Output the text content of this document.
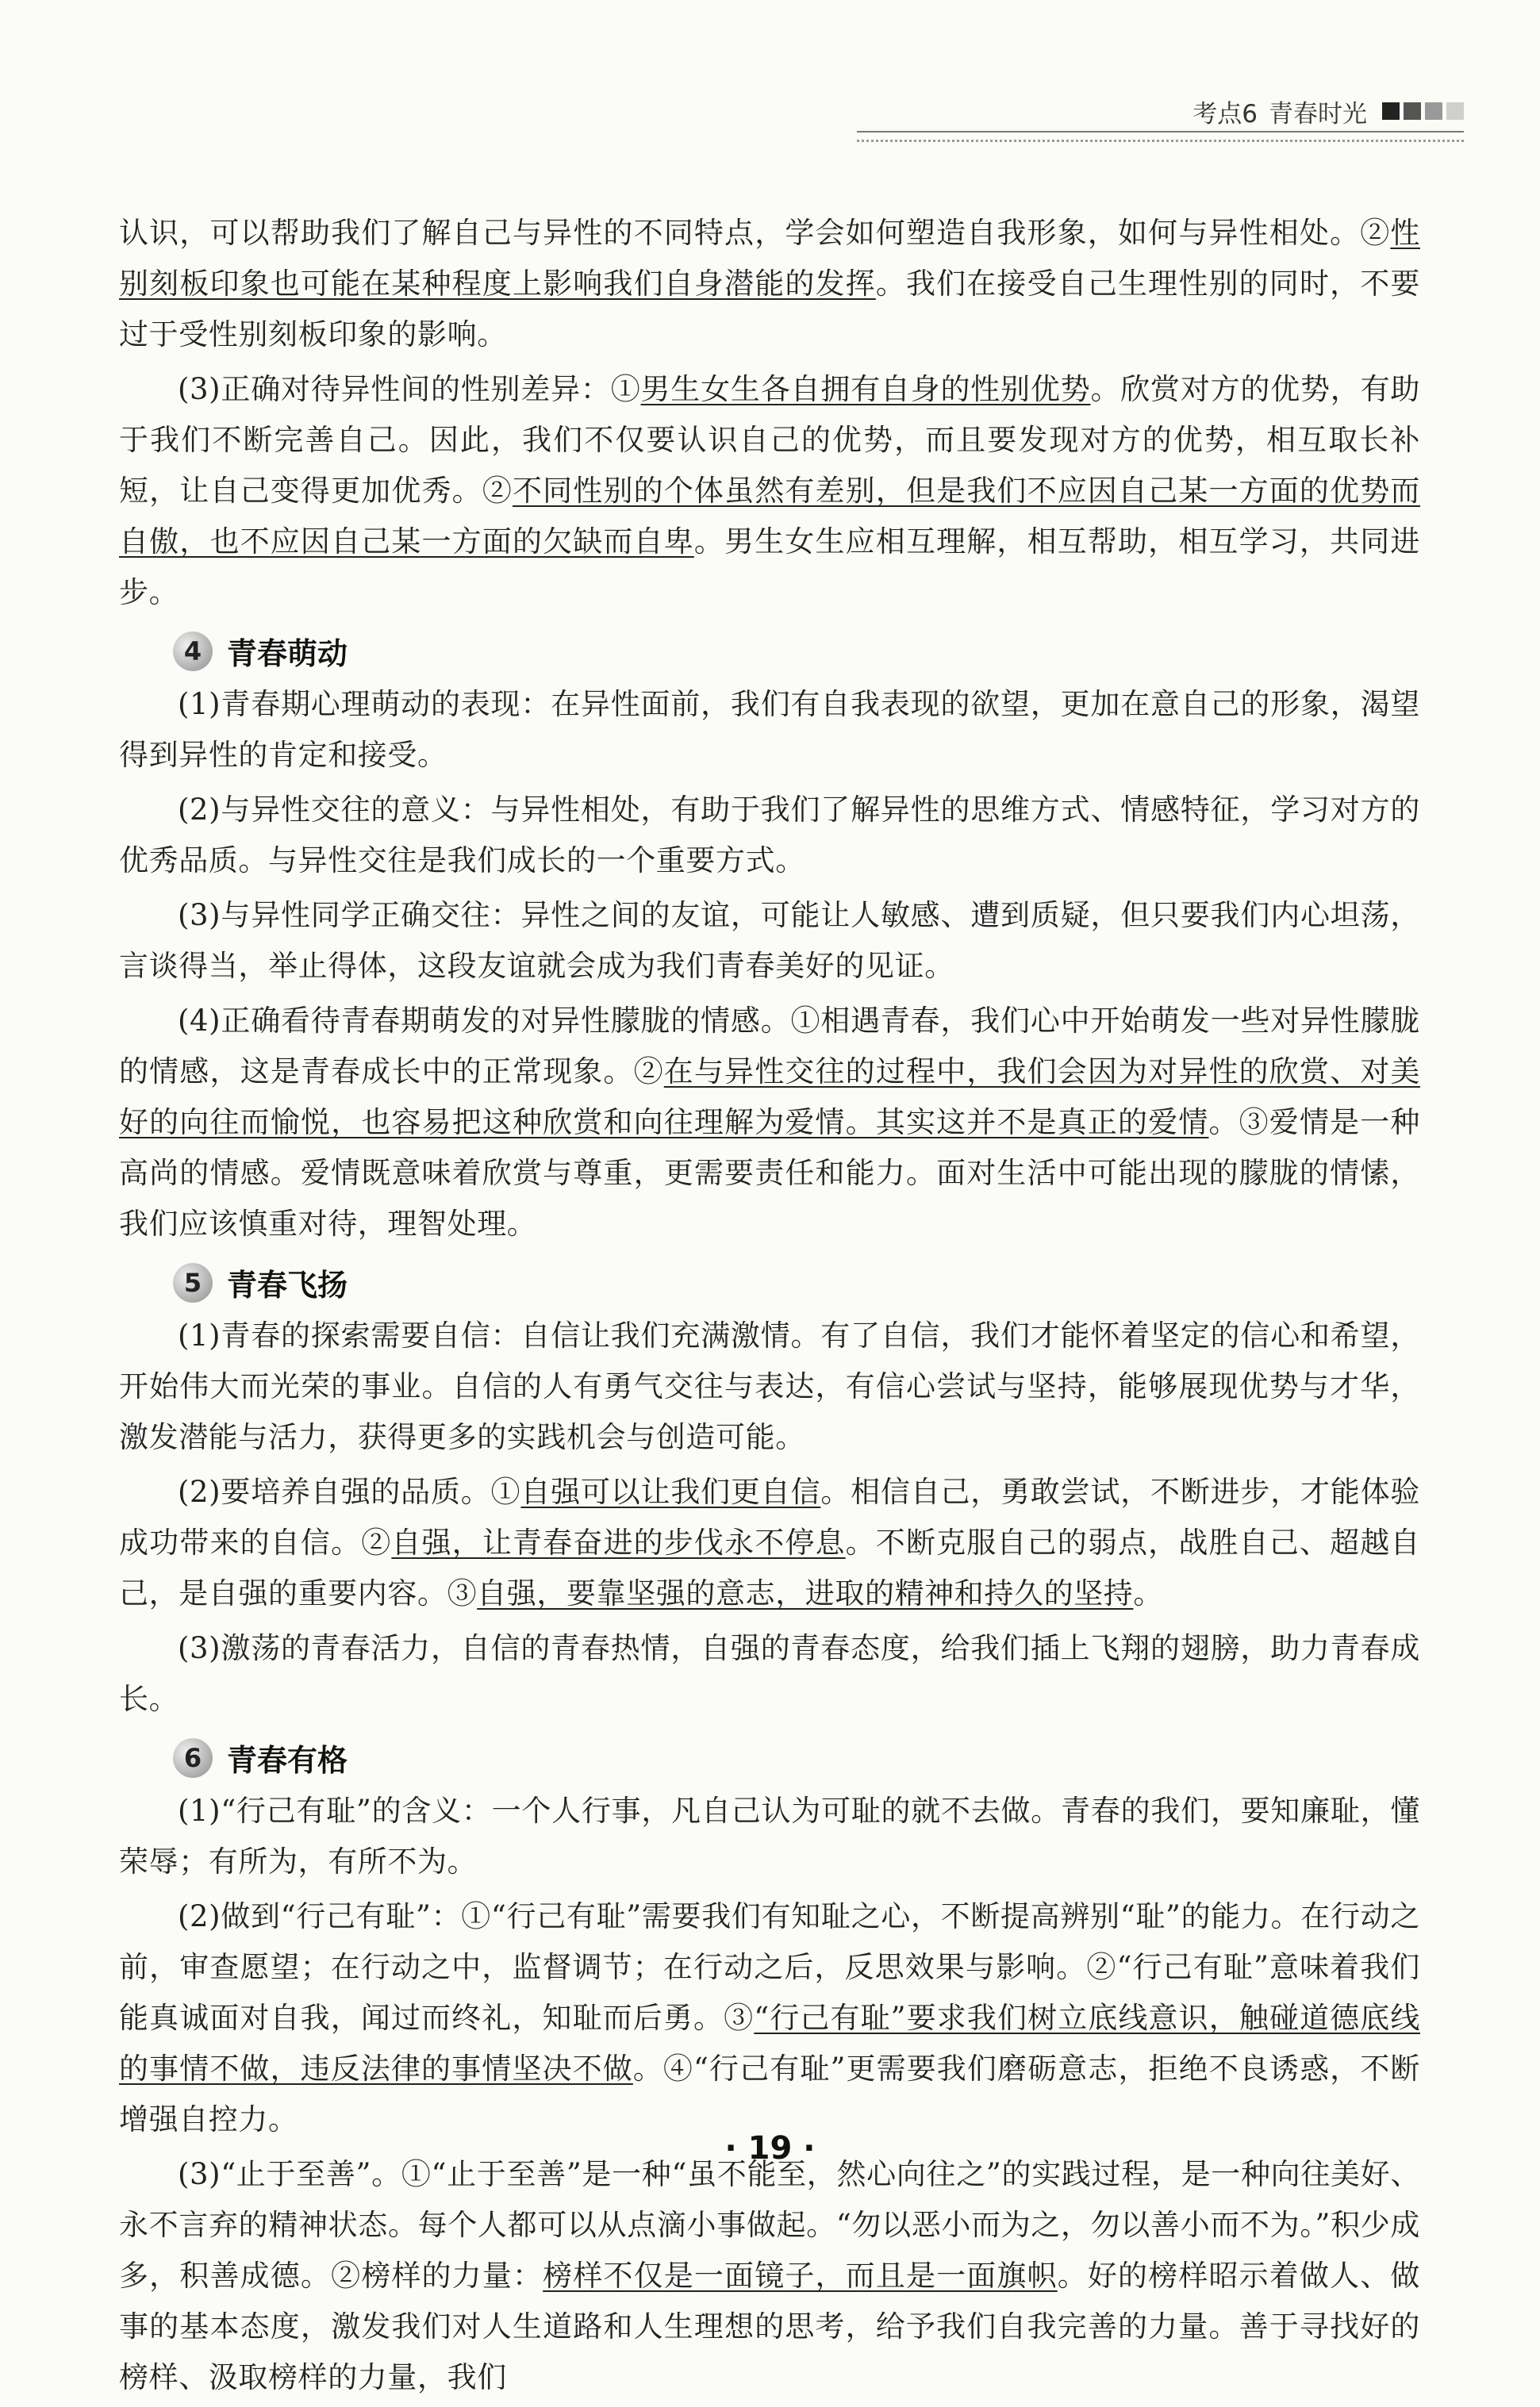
考点6 青春时光

认识，可以帮助我们了解自己与异性的不同特点，学会如何塑造自我形象，如何与异性相处。②性别刻板印象也可能在某种程度上影响我们自身潜能的发挥。我们在接受自己生理性别的同时，不要过于受性别刻板印象的影响。

(3)正确对待异性间的性别差异：①男生女生各自拥有自身的性别优势。欣赏对方的优势，有助于我们不断完善自己。因此，我们不仅要认识自己的优势，而且要发现对方的优势，相互取长补短，让自己变得更加优秀。②不同性别的个体虽然有差别，但是我们不应因自己某一方面的优势而自傲，也不应因自己某一方面的欠缺而自卑。男生女生应相互理解，相互帮助，相互学习，共同进步。

4 青春萌动

(1)青春期心理萌动的表现：在异性面前，我们有自我表现的欲望，更加在意自己的形象，渴望得到异性的肯定和接受。

(2)与异性交往的意义：与异性相处，有助于我们了解异性的思维方式、情感特征，学习对方的优秀品质。与异性交往是我们成长的一个重要方式。

(3)与异性同学正确交往：异性之间的友谊，可能让人敏感、遭到质疑，但只要我们内心坦荡，言谈得当，举止得体，这段友谊就会成为我们青春美好的见证。

(4)正确看待青春期萌发的对异性朦胧的情感。①相遇青春，我们心中开始萌发一些对异性朦胧的情感，这是青春成长中的正常现象。②在与异性交往的过程中，我们会因为对异性的欣赏、对美好的向往而愉悦，也容易把这种欣赏和向往理解为爱情。其实这并不是真正的爱情。③爱情是一种高尚的情感。爱情既意味着欣赏与尊重，更需要责任和能力。面对生活中可能出现的朦胧的情愫，我们应该慎重对待，理智处理。

5 青春飞扬

(1)青春的探索需要自信：自信让我们充满激情。有了自信，我们才能怀着坚定的信心和希望，开始伟大而光荣的事业。自信的人有勇气交往与表达，有信心尝试与坚持，能够展现优势与才华，激发潜能与活力，获得更多的实践机会与创造可能。

(2)要培养自强的品质。①自强可以让我们更自信。相信自己，勇敢尝试，不断进步，才能体验成功带来的自信。②自强，让青春奋进的步伐永不停息。不断克服自己的弱点，战胜自己、超越自己，是自强的重要内容。③自强，要靠坚强的意志，进取的精神和持久的坚持。

(3)激荡的青春活力，自信的青春热情，自强的青春态度，给我们插上飞翔的翅膀，助力青春成长。

6 青春有格

(1)“行己有耻”的含义：一个人行事，凡自己认为可耻的就不去做。青春的我们，要知廉耻，懂荣辱；有所为，有所不为。

(2)做到“行己有耻”：①“行己有耻”需要我们有知耻之心，不断提高辨别“耻”的能力。在行动之前，审查愿望；在行动之中，监督调节；在行动之后，反思效果与影响。②“行己有耻”意味着我们能真诚面对自我，闻过而终礼，知耻而后勇。③“行己有耻”要求我们树立底线意识，触碰道德底线的事情不做，违反法律的事情坚决不做。④“行己有耻”更需要我们磨砺意志，拒绝不良诱惑，不断增强自控力。

(3)“止于至善”。①“止于至善”是一种“虽不能至，然心向往之”的实践过程，是一种向往美好、永不言弃的精神状态。每个人都可以从点滴小事做起。“勿以恶小而为之，勿以善小而不为。”积少成多，积善成德。②榜样的力量：榜样不仅是一面镜子，而且是一面旗帜。好的榜样昭示着做人、做事的基本态度，激发我们对人生道路和人生理想的思考，给予我们自我完善的力量。善于寻找好的榜样、汲取榜样的力量，我们

· 19 ·
